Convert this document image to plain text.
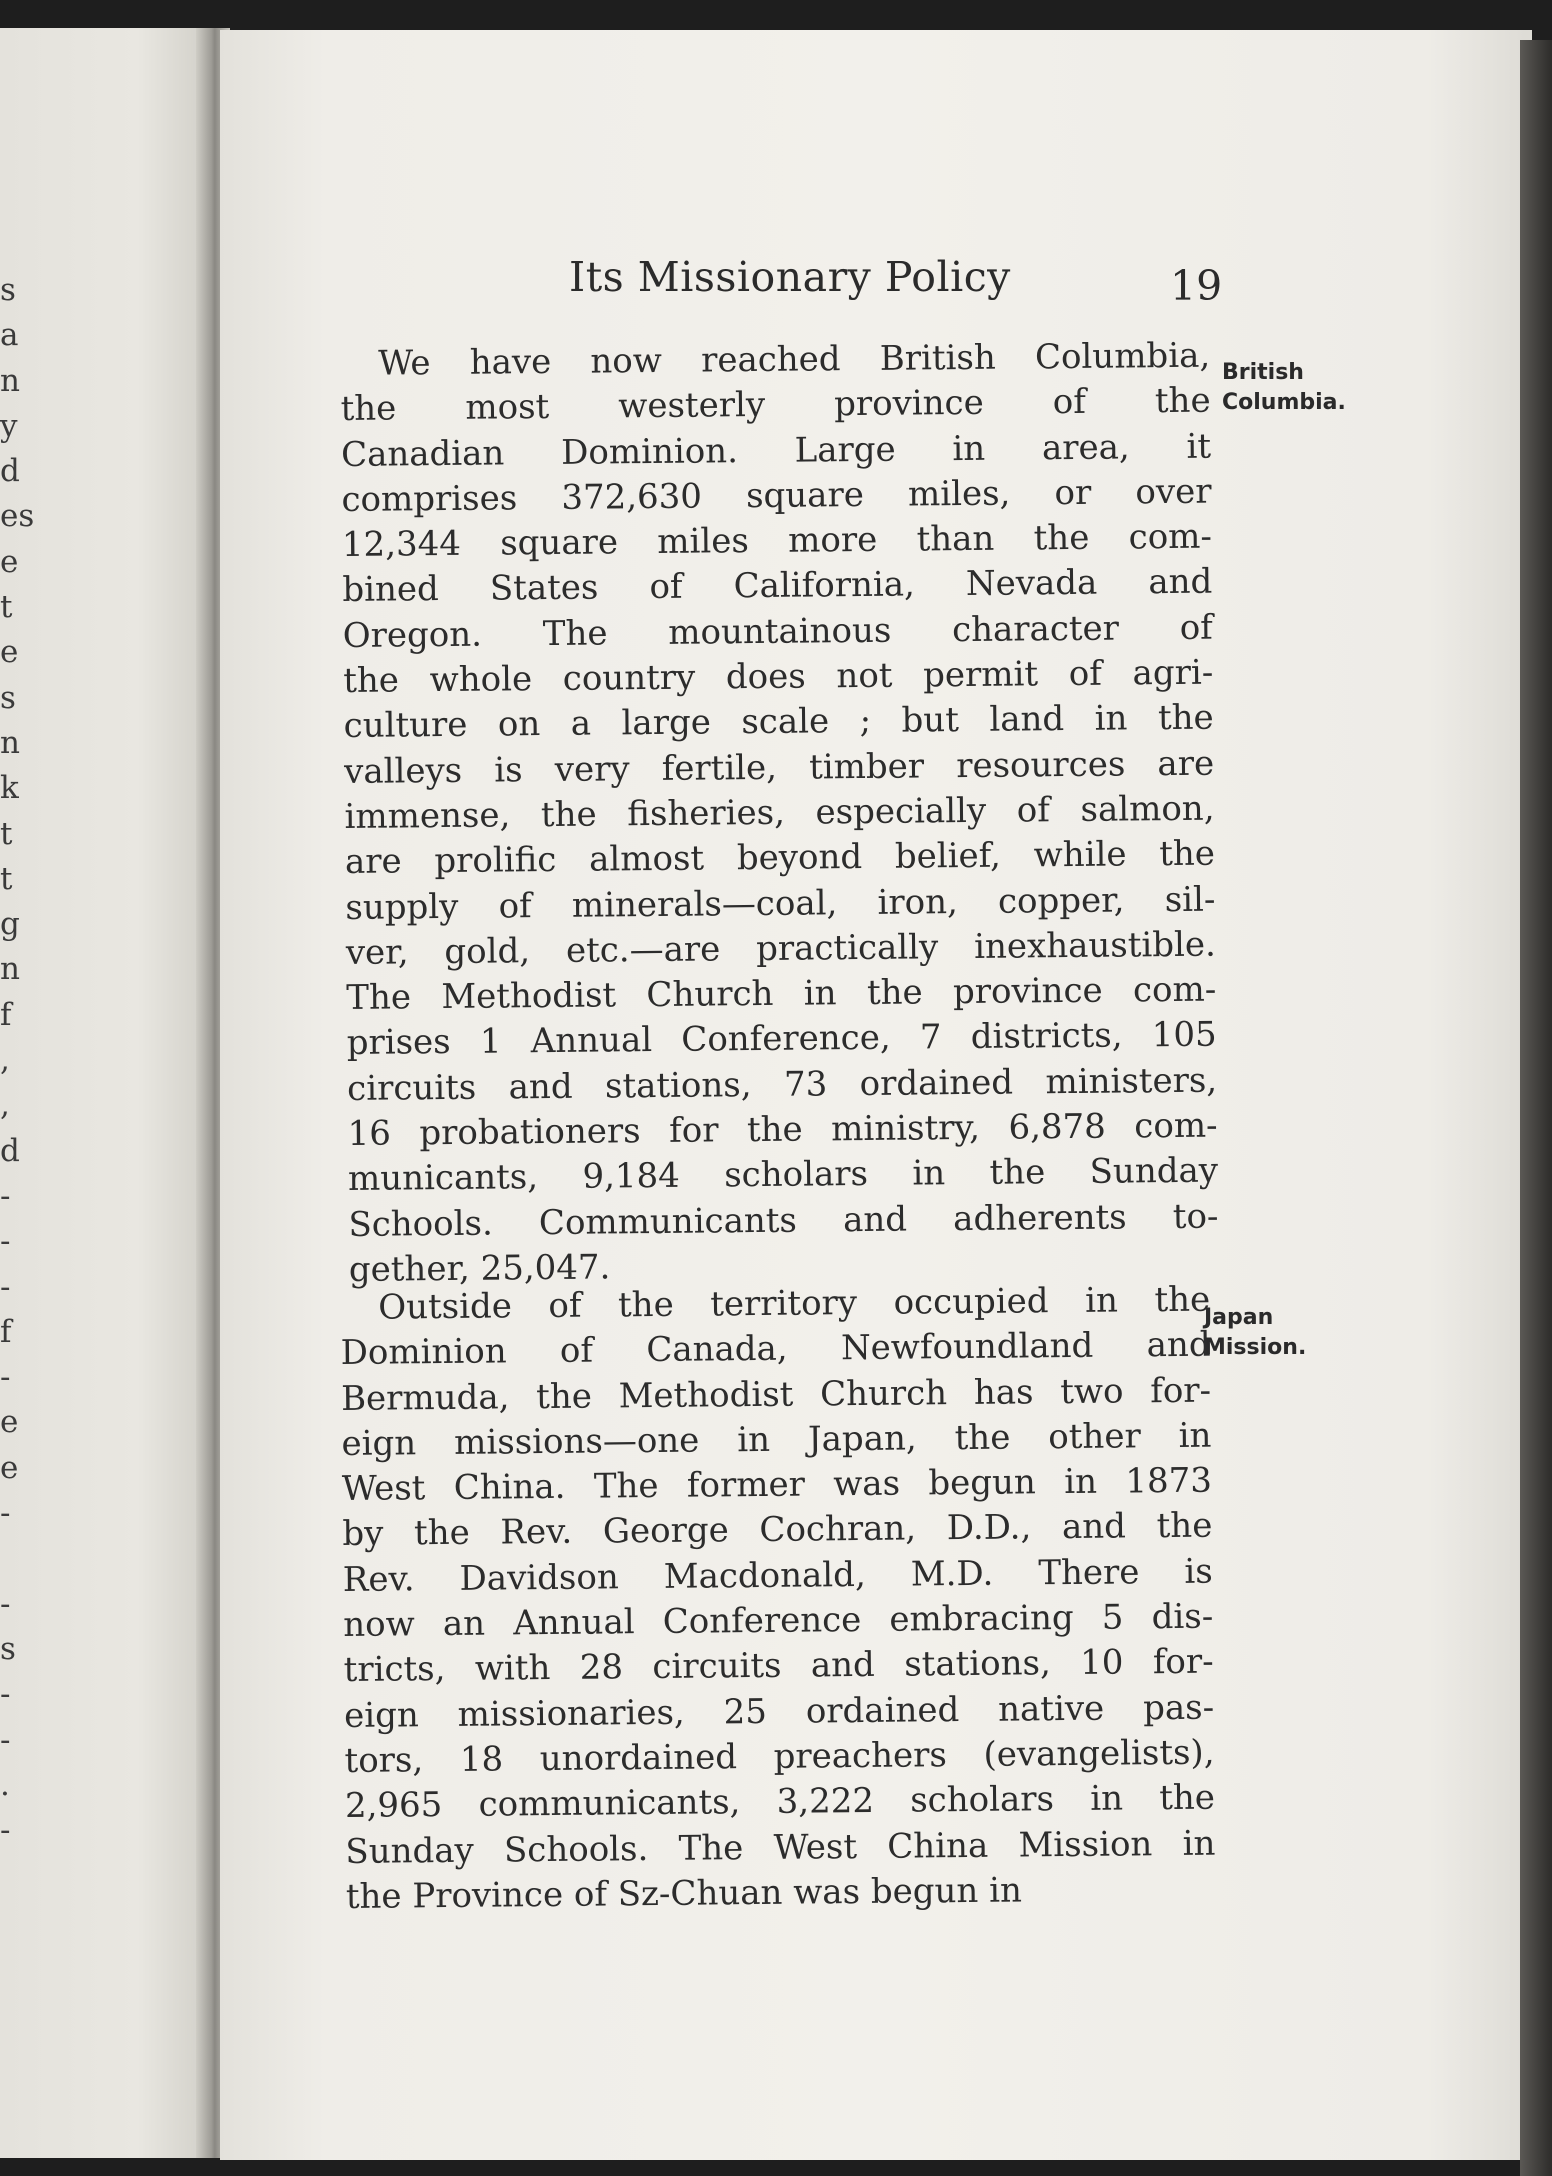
s
a
n
y
d
es
e
t
e
s
n
k
t
t
g
n
f
,
,
d
-
-
-
f
-
e
e
-
-
s
-
-
.
-
Its Missionary Policy	19
British
Columbia.
Japan
Mission.
We have now reached British Columbia,
the most westerly province of the
Canadian Dominion. Large in area, it
comprises 372,630 square miles, or over
12,344 square miles more than the com-
bined States of California, Nevada and
Oregon. The mountainous character of
the whole country does not permit of agri-
culture on a large scale ; but land in the
valleys is very fertile, timber resources are
immense, the fisheries, especially of salmon,
are prolific almost beyond belief, while the
supply of minerals—coal, iron, copper, sil-
ver, gold, etc.—are practically inexhaustible.
The Methodist Church in the province com-
prises 1 Annual Conference, 7 districts, 105
circuits and stations, 73 ordained ministers,
16 probationers for the ministry, 6,878 com-
municants, 9,184 scholars in the Sunday
Schools. Communicants and adherents to-
gether, 25,047.
Outside of the territory occupied in the
Dominion of Canada, Newfoundland and
Bermuda, the Methodist Church has two for-
eign missions—one in Japan, the other in
West China. The former was begun in 1873
by the Rev. George Cochran, D.D., and the
Rev. Davidson Macdonald, M.D. There is
now an Annual Conference embracing 5 dis-
tricts, with 28 circuits and stations, 10 for-
eign missionaries, 25 ordained native pas-
tors, 18 unordained preachers (evangelists),
2,965 communicants, 3,222 scholars in the
Sunday Schools. The West China Mission in
the Province of Sz-Chuan was begun in
